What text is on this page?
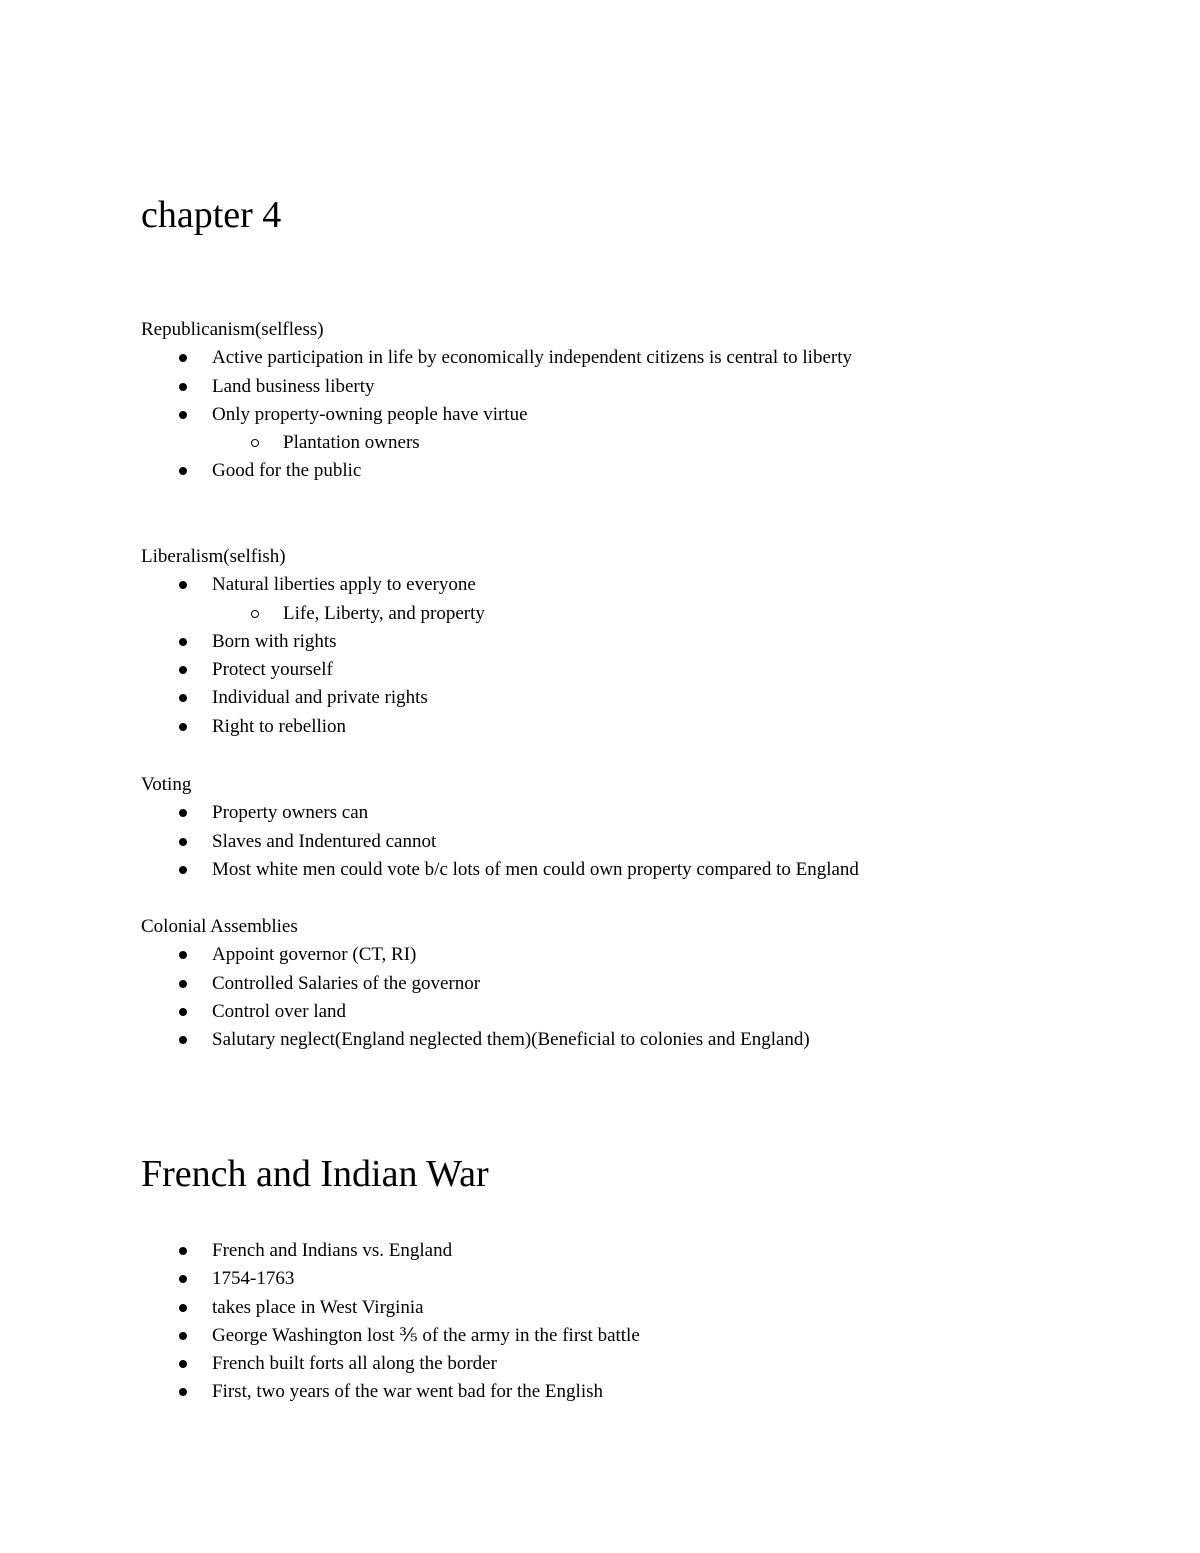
chapter 4
Republicanism(selfless)
Active participation in life by economically independent citizens is central to liberty
Land business liberty
Only property-owning people have virtue
Plantation owners
Good for the public
Liberalism(selfish)
Natural liberties apply to everyone
Life, Liberty, and property
Born with rights
Protect yourself
Individual and private rights
Right to rebellion
Voting
Property owners can
Slaves and Indentured cannot
Most white men could vote b/c lots of men could own property compared to England
Colonial Assemblies
Appoint governor (CT, RI)
Controlled Salaries of the governor
Control over land
Salutary neglect(England neglected them)(Beneficial to colonies and England)
French and Indian War
French and Indians vs. England
1754-1763
takes place in West Virginia
George Washington lost ⅗ of the army in the first battle
French built forts all along the border
First, two years of the war went bad for the English
